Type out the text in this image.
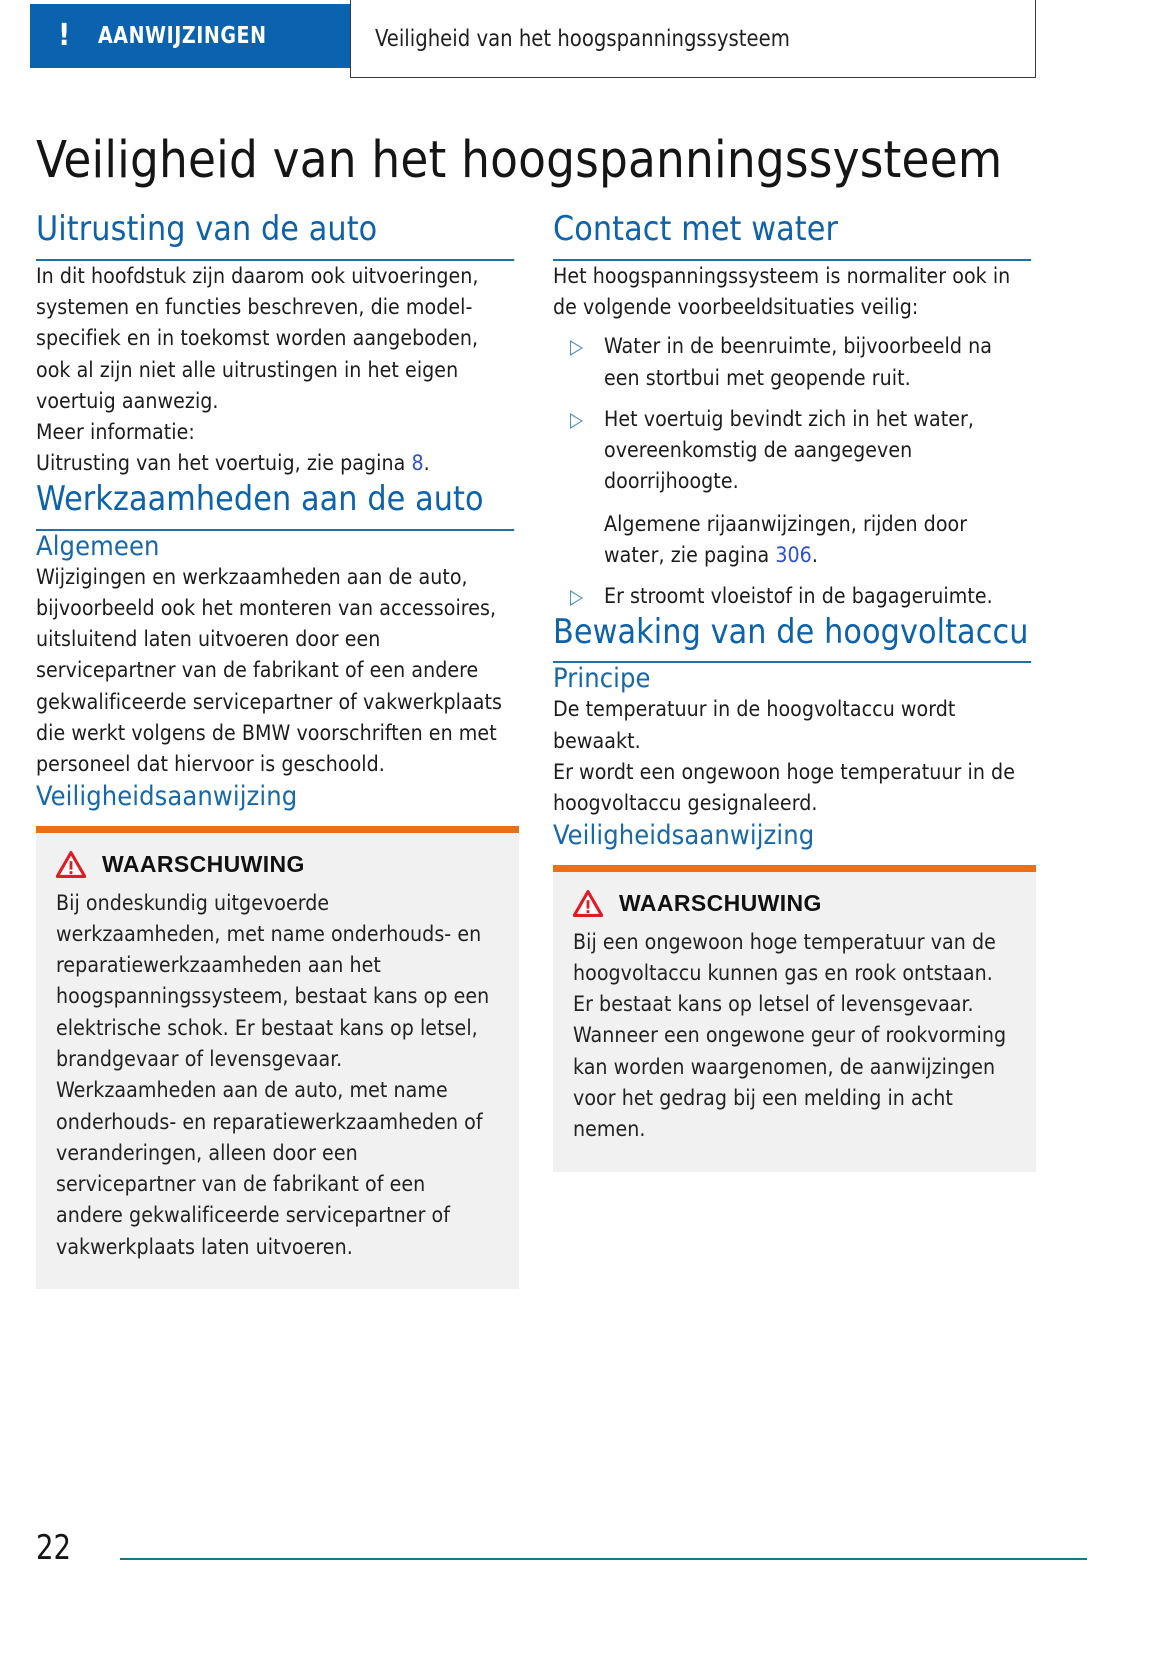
! AANWIJZINGEN	Veiligheid van het hoogspanningssysteem
Veiligheid van het hoogspanningssysteem
Uitrusting van de auto

In dit hoofdstuk zijn daarom ook uitvoeringen, systemen en functies beschreven, die model-specifiek en in toekomst worden aangeboden, ook al zijn niet alle uitrustingen in het eigen voertuig aanwezig.

Meer informatie:

Uitrusting van het voertuig, zie pagina 8.

Werkzaamheden aan de auto
Algemeen

Wijzigingen en werkzaamheden aan de auto, bijvoorbeeld ook het monteren van accessoires, uitsluitend laten uitvoeren door een servicepartner van de fabrikant of een andere gekwalificeerde servicepartner of vakwerkplaats die werkt volgens de BMW voorschriften en met personeel dat hiervoor is geschoold.

Veiligheidsaanwijzing
WAARSCHUWING

Bij ondeskundig uitgevoerde werkzaamheden, met name onderhouds- en reparatiewerkzaamheden aan het hoogspanningssysteem, bestaat kans op een elektrische schok. Er bestaat kans op letsel, brandgevaar of levensgevaar. Werkzaamheden aan de auto, met name onderhouds- en reparatiewerkzaamheden of veranderingen, alleen door een servicepartner van de fabrikant of een andere gekwalificeerde servicepartner of vakwerkplaats laten uitvoeren.

Contact met water

Het hoogspanningssysteem is normaliter ook in de volgende voorbeeldsituaties veilig:

Water in de beenruimte, bijvoorbeeld na een stortbui met geopende ruit.

Het voertuig bevindt zich in het water, overeenkomstig de aangegeven doorrijhoogte.

Algemene rijaanwijzingen, rijden door water, zie pagina 306.

Er stroomt vloeistof in de bagageruimte.

Bewaking van de hoogvoltaccu
Principe

De temperatuur in de hoogvoltaccu wordt bewaakt.

Er wordt een ongewoon hoge temperatuur in de hoogvoltaccu gesignaleerd.

Veiligheidsaanwijzing
WAARSCHUWING

Bij een ongewoon hoge temperatuur van de hoogvoltaccu kunnen gas en rook ontstaan. Er bestaat kans op letsel of levensgevaar. Wanneer een ongewone geur of rookvorming kan worden waargenomen, de aanwijzingen voor het gedrag bij een melding in acht nemen.

22
